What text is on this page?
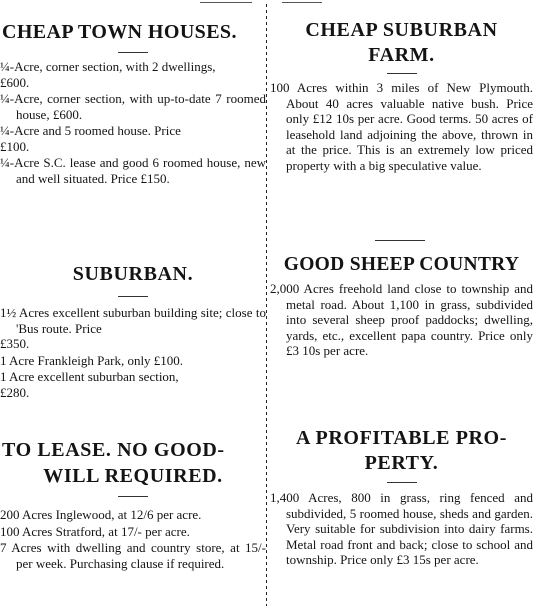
CHEAP TOWN HOUSES.

¼-Acre, corner section, with 2 dwellings,
£600.

¼-Acre, corner section, with up-to-date 7 roomed house, £600.

¼-Acre and 5 roomed house. Price
£100.

¼-Acre S.C. lease and good 6 roomed house, new and well situated. Price £150.

SUBURBAN.

1½ Acres excellent suburban building site; close to 'Bus route. Price
£350.

1 Acre Frankleigh Park, only £100.

1 Acre excellent suburban section,
£280.

TO LEASE. NO GOOD-
WILL REQUIRED.

200 Acres Inglewood, at 12/6 per acre.

100 Acres Stratford, at 17/- per acre.

7 Acres with dwelling and country store, at 15/- per week. Purchasing clause if required.

CHEAP SUBURBAN
FARM.

100 Acres within 3 miles of New Plymouth. About 40 acres valuable native bush. Price only £12 10s per acre. Good terms. 50 acres of leasehold land adjoining the above, thrown in at the price. This is an extremely low priced property with a big speculative value.

GOOD SHEEP COUNTRY

2,000 Acres freehold land close to township and metal road. About 1,100 in grass, subdivided into several sheep proof paddocks; dwelling, yards, etc., excellent papa country. Price only £3 10s per acre.

A PROFITABLE PRO-
PERTY.

1,400 Acres, 800 in grass, ring fenced and subdivided, 5 roomed house, sheds and garden. Very suitable for subdivision into dairy farms. Metal road front and back; close to school and township. Price only £3 15s per acre.
